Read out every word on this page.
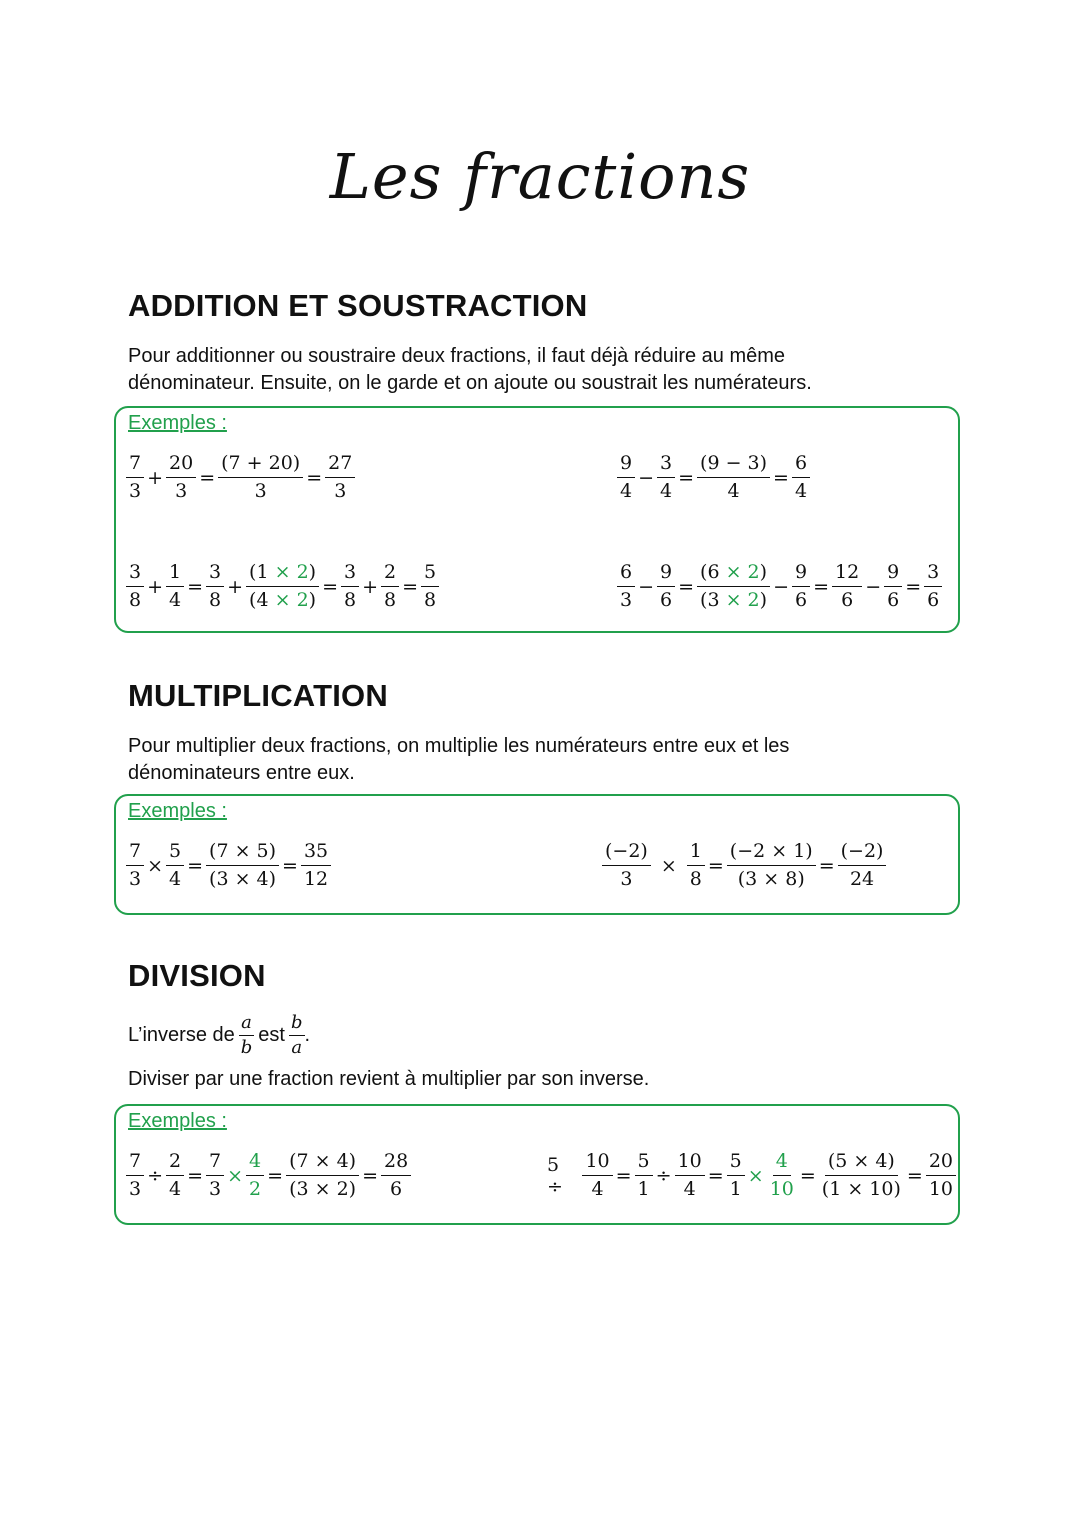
Les fractions
ADDITION ET SOUSTRACTION
Pour additionner ou soustraire deux fractions, il faut déjà réduire au même
dénominateur. Ensuite, on le garde et on ajoute ou soustrait les numérateurs.
Exemples :
$\frac{7}{3} + \frac{20}{3} = \frac{(7 + 20)}{3} = \frac{27}{3}$	$\frac{9}{4} - \frac{3}{4} = \frac{(9 - 3)}{4} = \frac{6}{4}$
$\frac{3}{8} + \frac{1}{4} = \frac{3}{8} + \frac{(1 \times 2)}{(4 \times 2)} = \frac{3}{8} + \frac{2}{8} = \frac{5}{8}$	$\frac{6}{3} - \frac{9}{6} = \frac{(6 \times 2)}{(3 \times 2)} - \frac{9}{6} = \frac{12}{6} - \frac{9}{6} = \frac{3}{6}$
MULTIPLICATION
Pour multiplier deux fractions, on multiplie les numérateurs entre eux et les
dénominateurs entre eux.
Exemples :
$\frac{7}{3} \times \frac{5}{4} = \frac{(7 \times 5)}{(3 \times 4)} = \frac{35}{12}$	$\frac{(-2)}{3} \times \frac{1}{8} = \frac{(-2 \times 1)}{(3 \times 8)} = \frac{(-2)}{24}$
DIVISION
L’inverse de $\frac{a}{b}$ est $\frac{b}{a}$ .
Diviser par une fraction revient à multiplier par son inverse.
Exemples :
$\frac{7}{3} \div \frac{2}{4} = \frac{7}{3} \times \frac{4}{2} = \frac{(7 \times 4)}{(3 \times 2)} = \frac{28}{6}$	5 ÷	$\frac{10}{4} = \frac{5}{1} \div \frac{10}{4} = \frac{5}{1} \times \frac{4}{10} = \frac{(5 \times 4)}{(1 \times 10)} = \frac{20}{10}$
